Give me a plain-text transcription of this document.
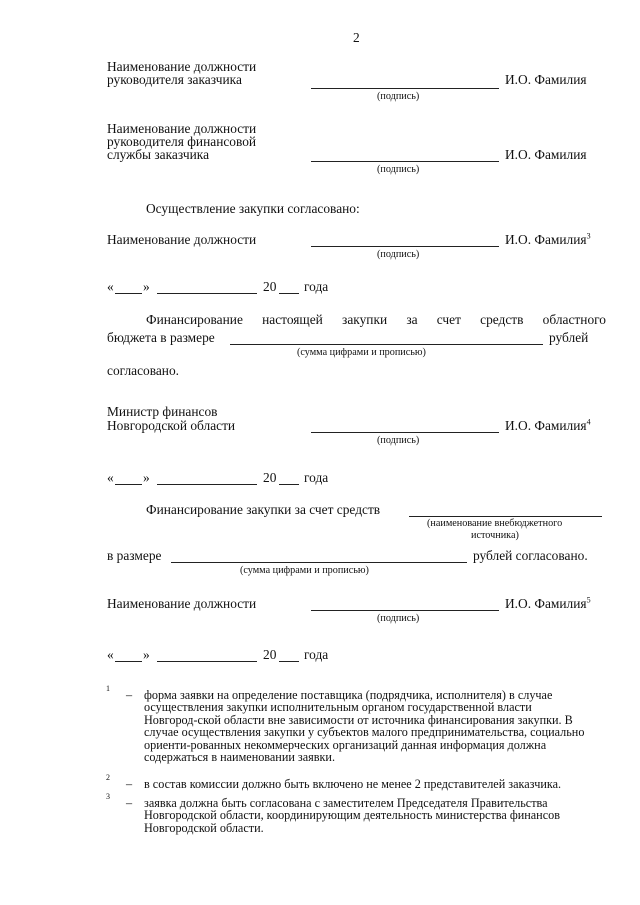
2
Наименование должности
руководителя заказчика	И.О. Фамилия
(подпись)
Наименование должности
руководителя финансовой
службы заказчика	И.О. Фамилия
(подпись)
Осуществление закупки согласовано:
Наименование должности	И.О. Фамилия$^3$
(подпись)
« »	20 года
Финансирование настоящей закупки за счет средств областного
бюджета в размере	рублей
(сумма цифрами и прописью)
согласовано.
Министр финансов
Новгородской области	И.О. Фамилия$^4$
(подпись)
« »	20 года
Финансирование закупки за счет средств
(наименование внебюджетного
источника)
в размере	рублей согласовано.
(сумма цифрами и прописью)
Наименование должности	И.О. Фамилия$^5$
(подпись)
« »	20 года
1 – форма заявки на определение поставщика (подрядчика, исполнителя) в случае осуществления закупки исполнительным органом государственной власти Новгород-ской области вне зависимости от источника финансирования закупки. В случае осуществления закупки у субъектов малого предпринимательства, социально ориенти-рованных некоммерческих организаций данная информация должна содержаться в наименовании заявки.
2 – в состав комиссии должно быть включено не менее 2 представителей заказчика.
3 – заявка должна быть согласована с заместителем Председателя Правительства Новгородской области, координирующим деятельность министерства финансов Новгородской области.
